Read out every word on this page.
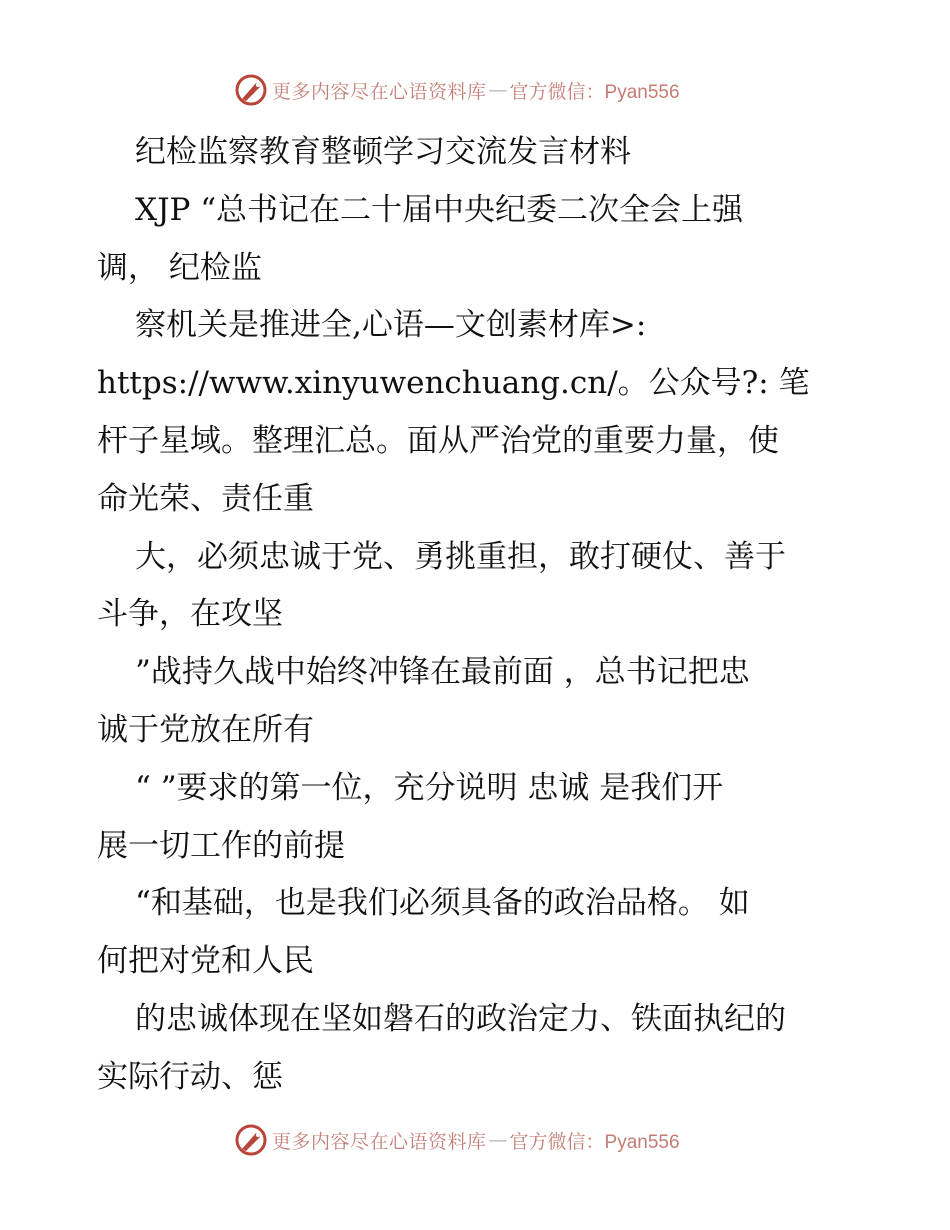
更多内容尽在心语资料库 — 官方微信：Pyan556
纪检监察教育整顿学习交流发言材料
XJP “总书记在二十届中央纪委二次全会上强
调， 纪检监
察机关是推进全,心语—文创素材库>:
https://www.xinyuwenchuang.cn/。公众号?: 笔
杆子星域。整理汇总。面从严治党的重要力量，使
命光荣、责任重
大，必须忠诚于党、勇挑重担，敢打硬仗、善于
斗争，在攻坚
”战持久战中始终冲锋在最前面 ，总书记把忠
诚于党放在所有
“ ”要求的第一位，充分说明 忠诚 是我们开
展一切工作的前提
“和基础，也是我们必须具备的政治品格。 如
何把对党和人民
的忠诚体现在坚如磐石的政治定力、铁面执纪的
实际行动、惩
更多内容尽在心语资料库 — 官方微信：Pyan556
